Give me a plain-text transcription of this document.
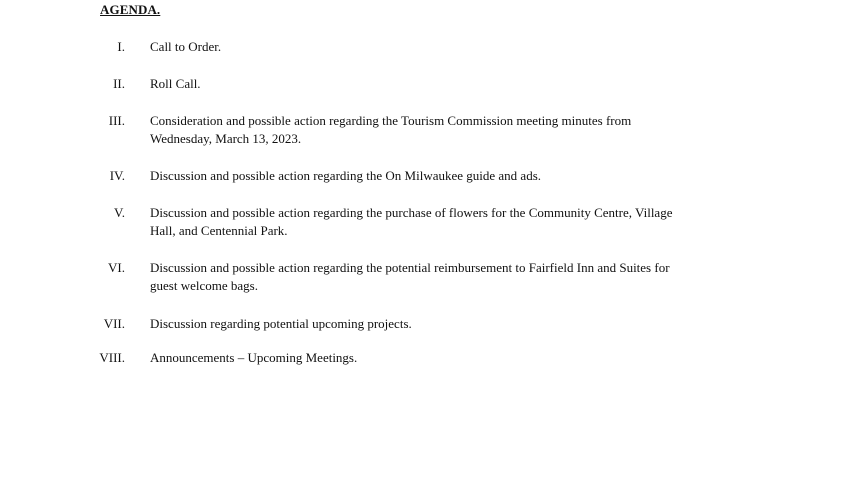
AGENDA.
I. Call to Order.
II. Roll Call.
III. Consideration and possible action regarding the Tourism Commission meeting minutes from
Wednesday, March 13, 2023.
IV. Discussion and possible action regarding the On Milwaukee guide and ads.
V. Discussion and possible action regarding the purchase of flowers for the Community Centre, Village
Hall, and Centennial Park.
VI. Discussion and possible action regarding the potential reimbursement to Fairfield Inn and Suites for
guest welcome bags.
VII. Discussion regarding potential upcoming projects.
VIII. Announcements – Upcoming Meetings.
